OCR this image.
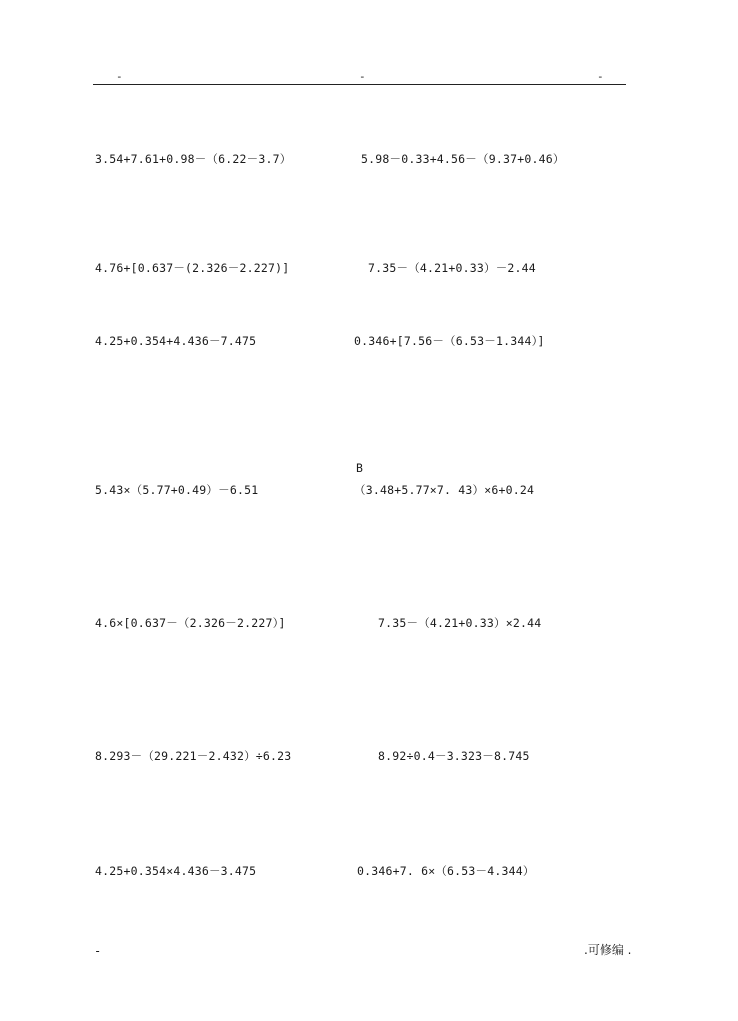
-	-	-
3.54+7.61+0.98－（6.22－3.7）	5.98－0.33+4.56－（9.37+0.46）
4.76+[0.637－(2.326－2.227)]	7.35－（4.21+0.33）－2.44
4.25+0.354+4.436－7.475	0.346+[7.56－（6.53－1.344）]
B
5.43×（5.77+0.49）－6.51	（3.48+5.77×7. 43）×6+0.24
4.6×[0.637－（2.326－2.227）]	7.35－（4.21+0.33）×2.44
8.293－（29.221－2.432）÷6.23	8.92÷0.4－3.323－8.745
4.25+0.354×4.436－3.475	0.346+7. 6×（6.53－4.344）
-	.可修编 .
